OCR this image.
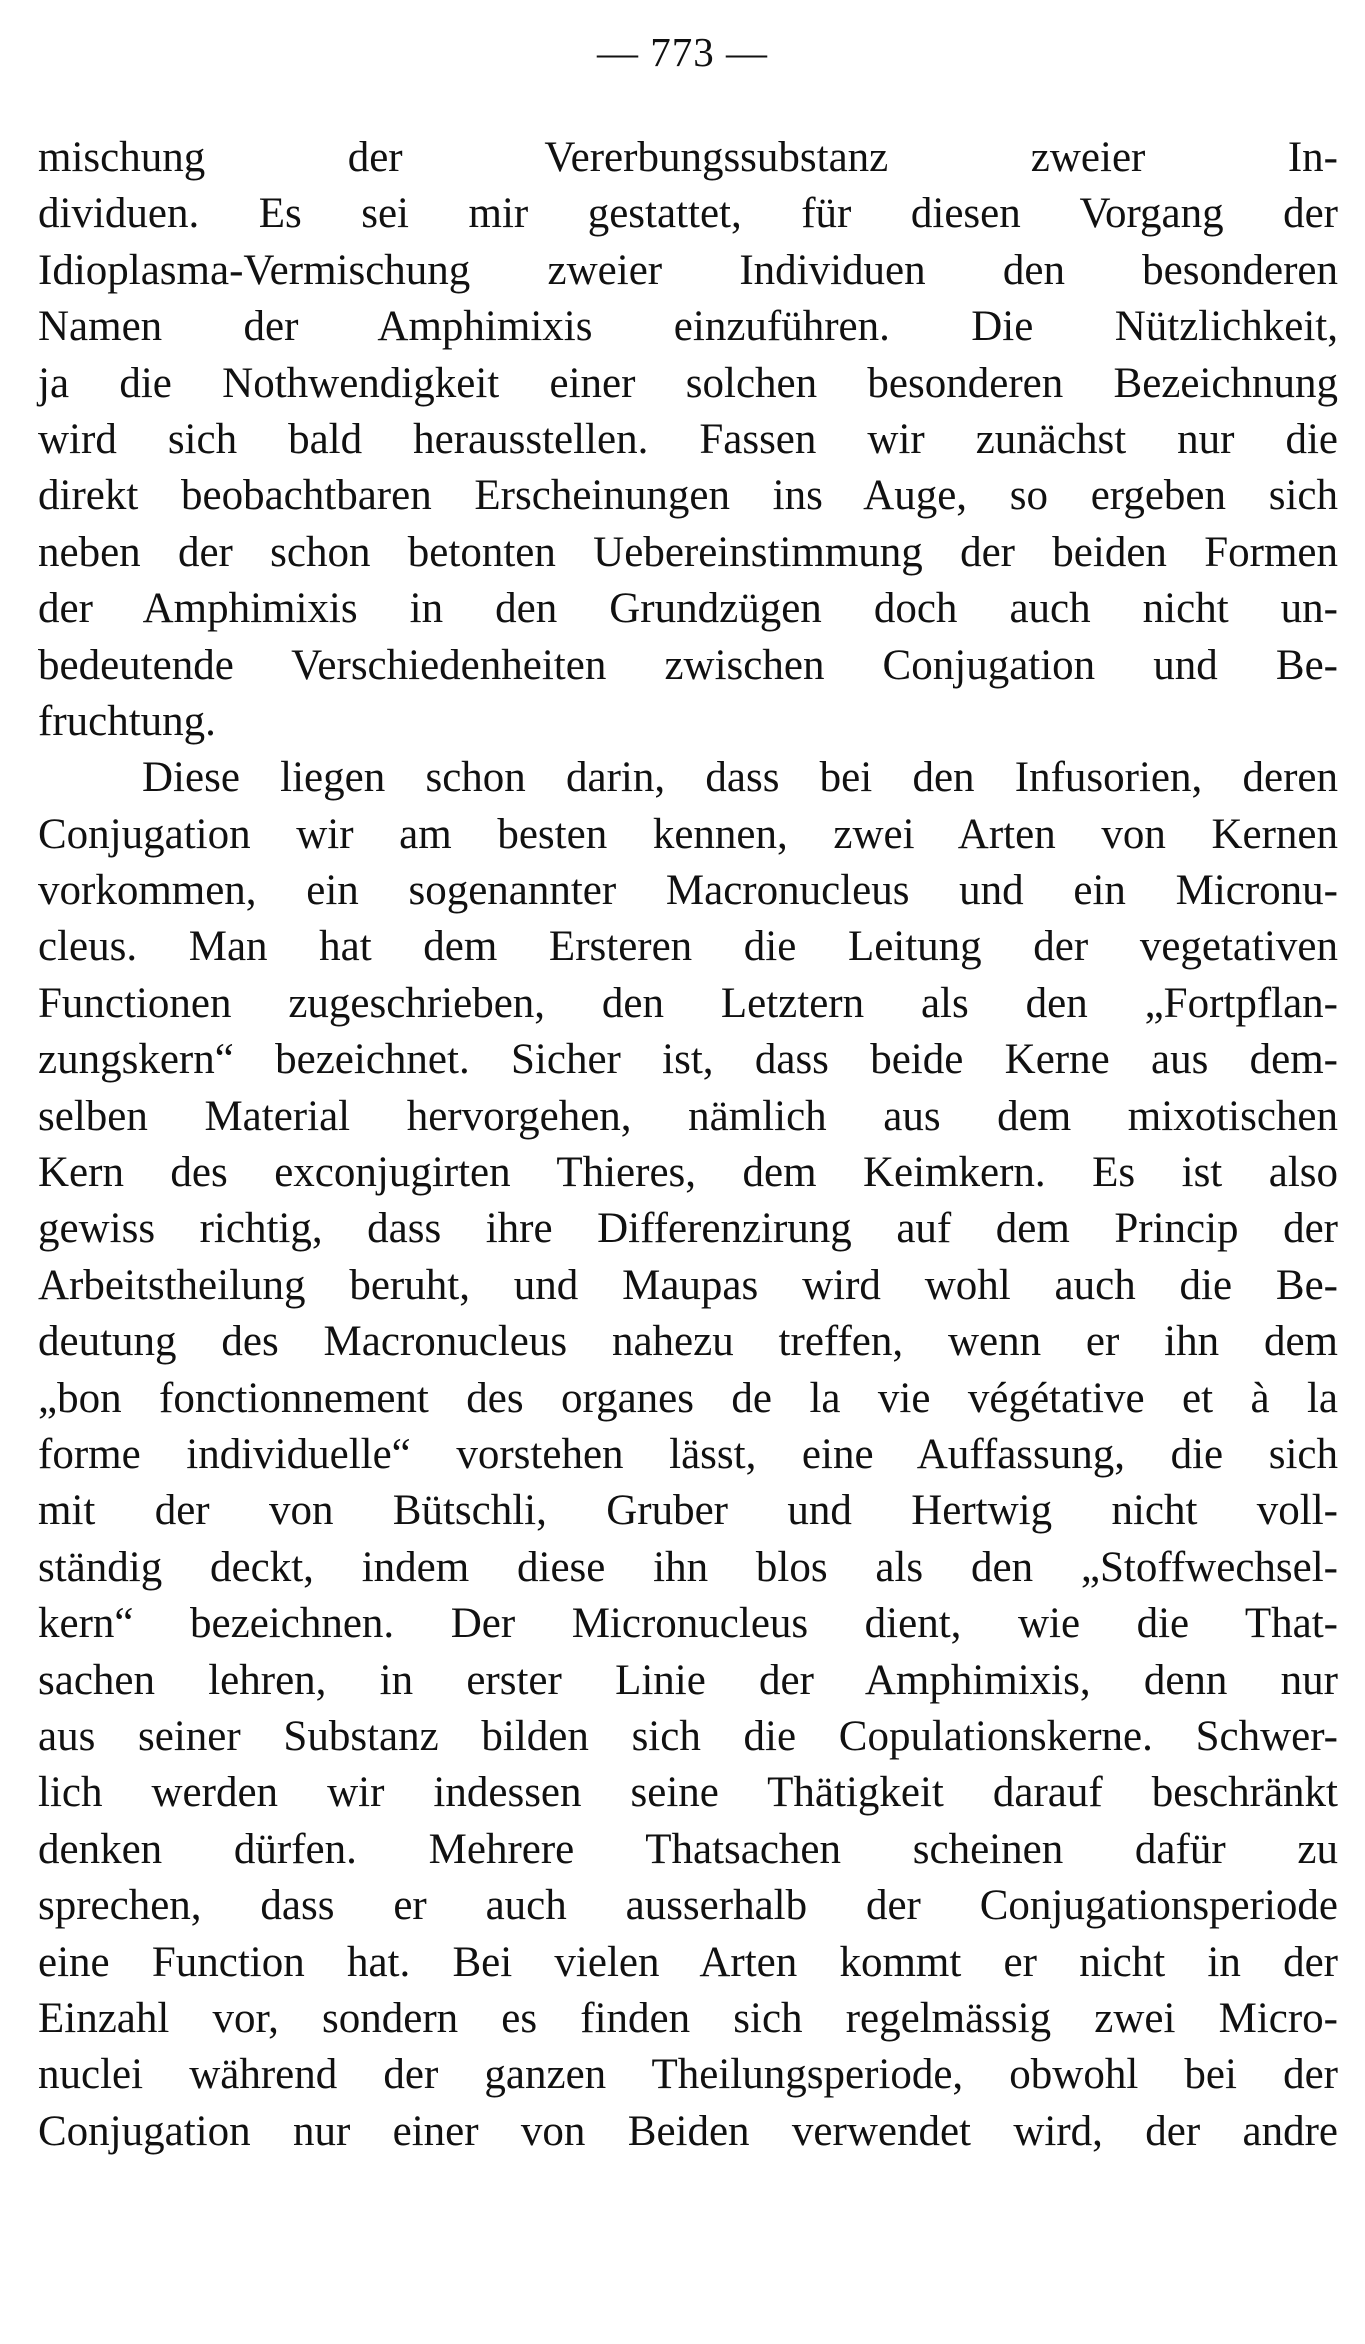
— 773 —
mischung der Vererbungssubstanz zweier In-
dividuen. Es sei mir gestattet, für diesen Vorgang der
Idioplasma-Vermischung zweier Individuen den besonderen
Namen der Amphimixis einzuführen. Die Nützlichkeit,
ja die Nothwendigkeit einer solchen besonderen Bezeichnung
wird sich bald herausstellen. Fassen wir zunächst nur die
direkt beobachtbaren Erscheinungen ins Auge, so ergeben sich
neben der schon betonten Uebereinstimmung der beiden Formen
der Amphimixis in den Grundzügen doch auch nicht un-
bedeutende Verschiedenheiten zwischen Conjugation und Be-
fruchtung.
Diese liegen schon darin, dass bei den Infusorien, deren
Conjugation wir am besten kennen, zwei Arten von Kernen
vorkommen, ein sogenannter Macronucleus und ein Micronu-
cleus. Man hat dem Ersteren die Leitung der vegetativen
Functionen zugeschrieben, den Letztern als den „Fortpflan-
zungskern“ bezeichnet. Sicher ist, dass beide Kerne aus dem-
selben Material hervorgehen, nämlich aus dem mixotischen
Kern des exconjugirten Thieres, dem Keimkern. Es ist also
gewiss richtig, dass ihre Differenzirung auf dem Princip der
Arbeitstheilung beruht, und Maupas wird wohl auch die Be-
deutung des Macronucleus nahezu treffen, wenn er ihn dem
„bon fonctionnement des organes de la vie végétative et à la
forme individuelle“ vorstehen lässt, eine Auffassung, die sich
mit der von Bütschli, Gruber und Hertwig nicht voll-
ständig deckt, indem diese ihn blos als den „Stoffwechsel-
kern“ bezeichnen. Der Micronucleus dient, wie die That-
sachen lehren, in erster Linie der Amphimixis, denn nur
aus seiner Substanz bilden sich die Copulationskerne. Schwer-
lich werden wir indessen seine Thätigkeit darauf beschränkt
denken dürfen. Mehrere Thatsachen scheinen dafür zu
sprechen, dass er auch ausserhalb der Conjugationsperiode
eine Function hat. Bei vielen Arten kommt er nicht in der
Einzahl vor, sondern es finden sich regelmässig zwei Micro-
nuclei während der ganzen Theilungsperiode, obwohl bei der
Conjugation nur einer von Beiden verwendet wird, der andre
